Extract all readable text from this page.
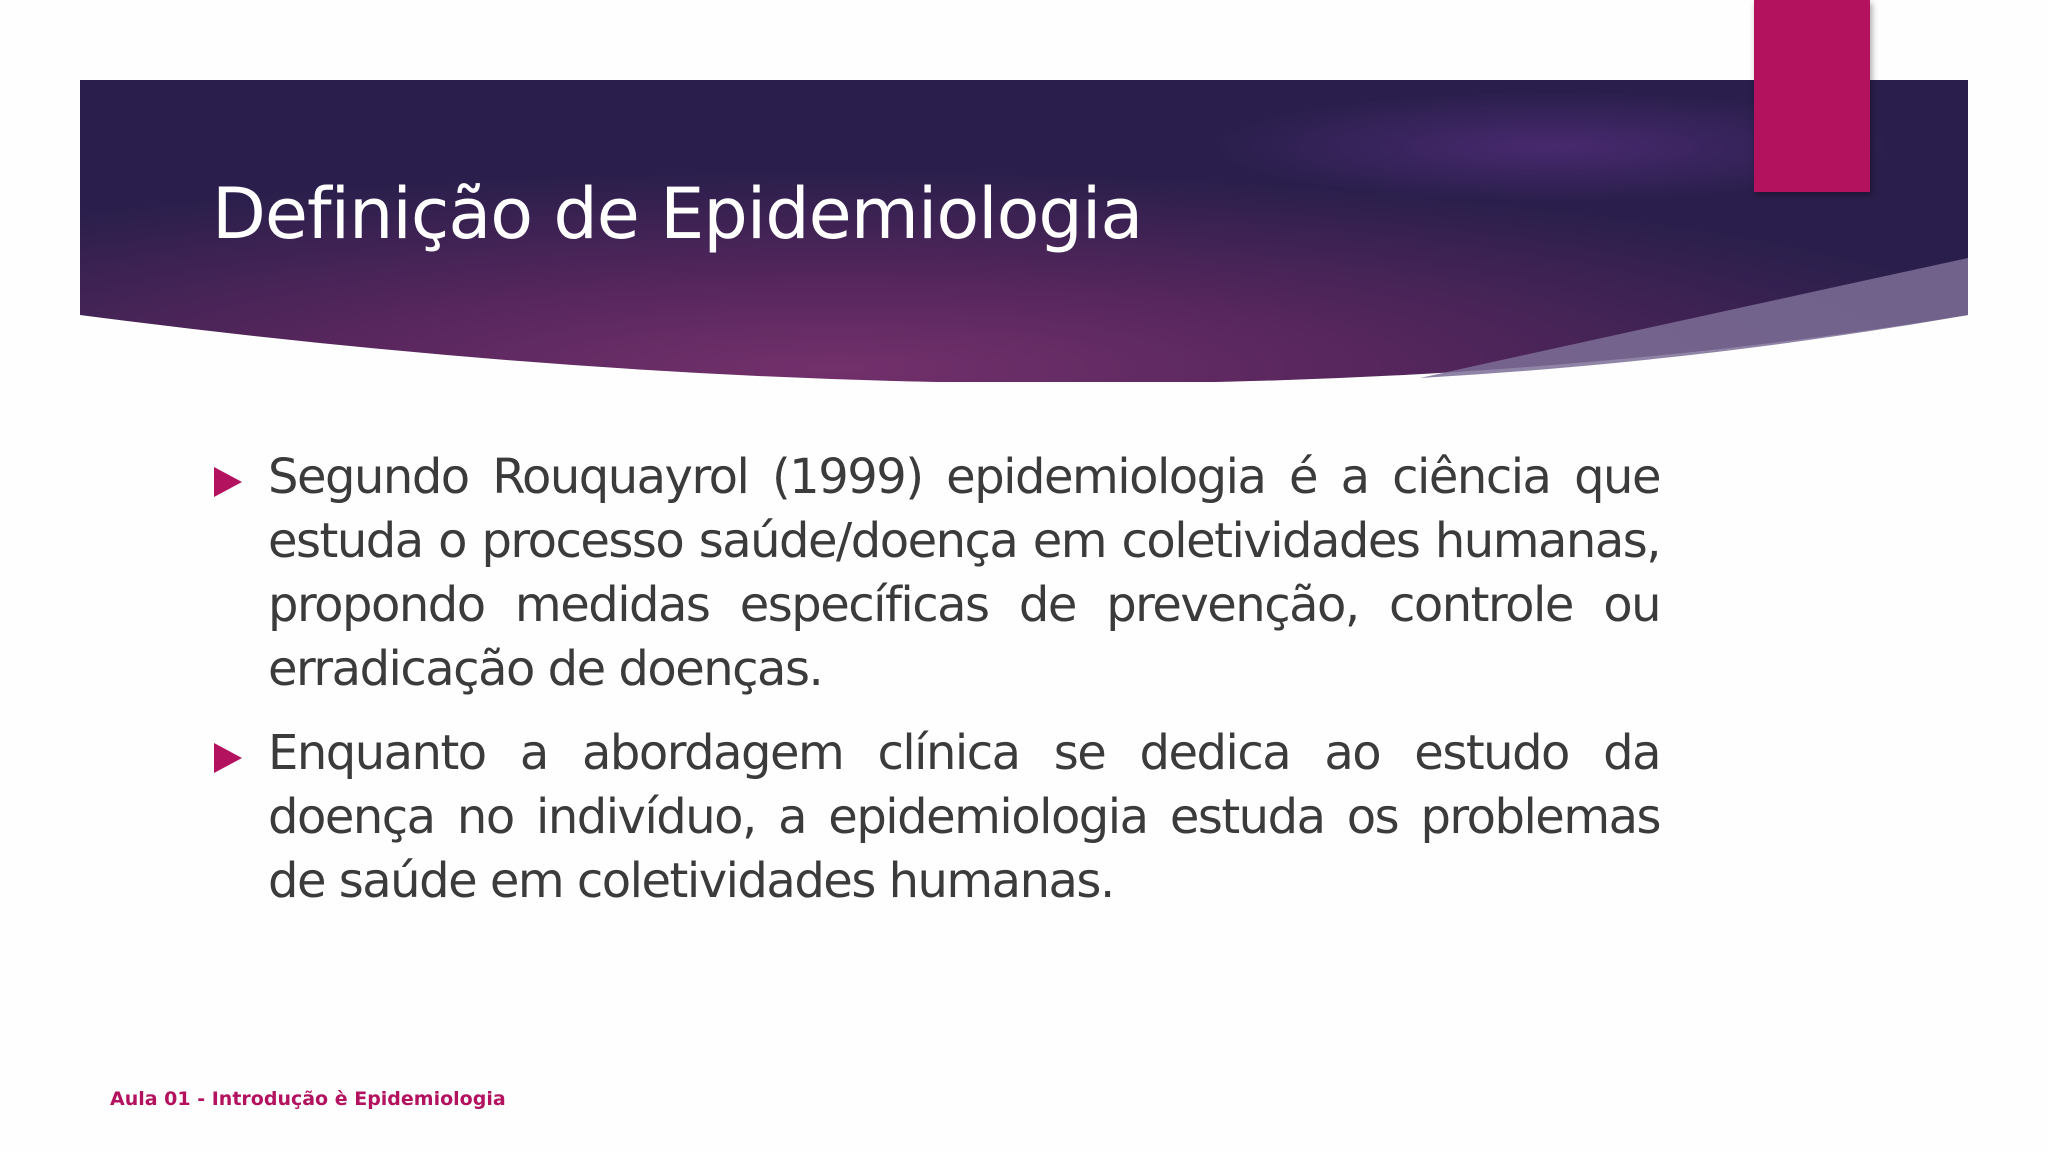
Definição de Epidemiologia
Segundo Rouquayrol (1999) epidemiologia é a ciência que estuda o processo saúde/doença em coletividades humanas, propondo medidas específicas de prevenção, controle ou erradicação de doenças.
Enquanto a abordagem clínica se dedica ao estudo da doença no indivíduo, a epidemiologia estuda os problemas de saúde em coletividades humanas.
Aula 01 - Introdução è Epidemiologia
